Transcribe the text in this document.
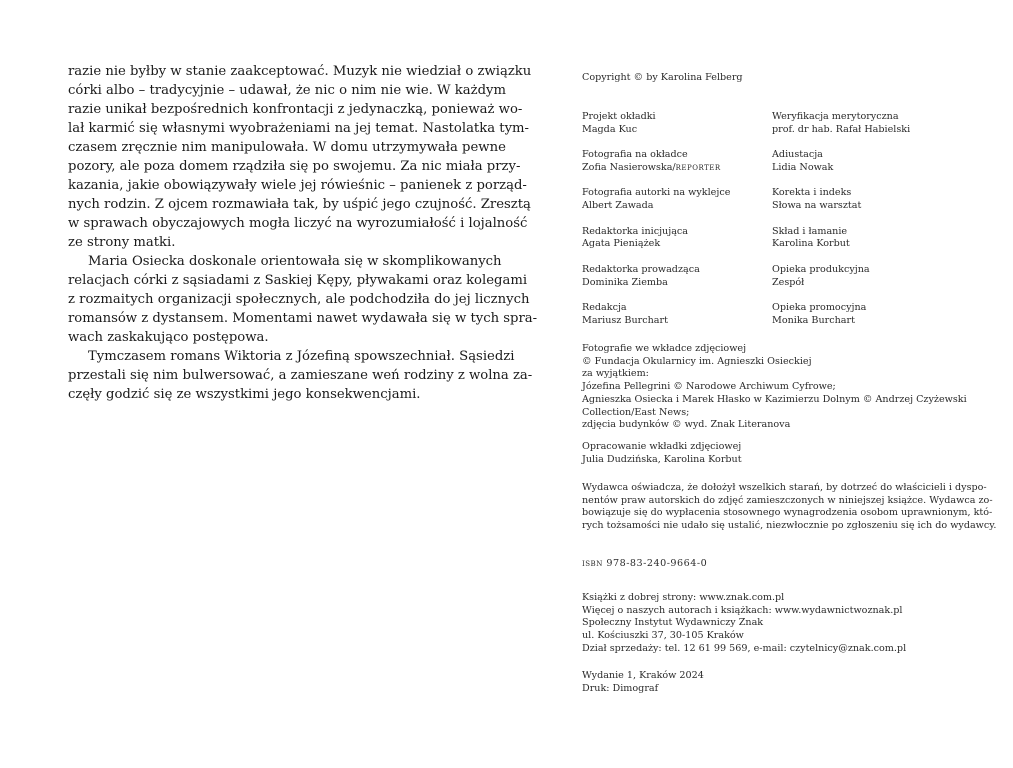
razie nie byłby w stanie zaakceptować. Muzyk nie wiedział o związku
córki albo – tradycyjnie – udawał, że nic o nim nie wie. W każdym
razie unikał bezpośrednich konfrontacji z jedynaczką, ponieważ wo-
lał karmić się własnymi wyobrażeniami na jej temat. Nastolatka tym-
czasem zręcznie nim manipulowała. W domu utrzymywała pewne
pozory, ale poza domem rządziła się po swojemu. Za nic miała przy-
kazania, jakie obowiązywały wiele jej rówieśnic – panienek z porząd-
nych rodzin. Z ojcem rozmawiała tak, by uśpić jego czujność. Zresztą
w sprawach obyczajowych mogła liczyć na wyrozumiałość i lojalność
ze strony matki.
Maria Osiecka doskonale orientowała się w skomplikowanych
relacjach córki z sąsiadami z Saskiej Kępy, pływakami oraz kolegami
z rozmaitych organizacji społecznych, ale podchodziła do jej licznych
romansów z dystansem. Momentami nawet wydawała się w tych spra-
wach zaskakująco postępowa.
Tymczasem romans Wiktoria z Józefiną spowszechniał. Sąsiedzi
przestali się nim bulwersować, a zamieszane weń rodziny z wolna za-
częły godzić się ze wszystkimi jego konsekwencjami.
Copyright © by Karolina Felberg
Projekt okładki
Magda Kuc
Fotografia na okładce
Zofia Nasierowska/reporter
Fotografia autorki na wyklejce
Albert Zawada
Redaktorka inicjująca
Agata Pieniążek
Redaktorka prowadząca
Dominika Ziemba
Redakcja
Mariusz Burchart
Weryfikacja merytoryczna
prof. dr hab. Rafał Habielski
Adiustacja
Lidia Nowak
Korekta i indeks
Słowa na warsztat
Skład i łamanie
Karolina Korbut
Opieka produkcyjna
Zespół
Opieka promocyjna
Monika Burchart
Fotografie we wkładce zdjęciowej
© Fundacja Okularnicy im. Agnieszki Osieckiej
za wyjątkiem:
Józefina Pellegrini © Narodowe Archiwum Cyfrowe;
Agnieszka Osiecka i Marek Hłasko w Kazimierzu Dolnym © Andrzej Czyżewski
Collection/East News;
zdjęcia budynków © wyd. Znak Literanova
Opracowanie wkładki zdjęciowej
Julia Dudzińska, Karolina Korbut
Wydawca oświadcza, że dołożył wszelkich starań, by dotrzeć do właścicieli i dyspo-
nentów praw autorskich do zdjęć zamieszczonych w niniejszej książce. Wydawca zo-
bowiązuje się do wypłacenia stosownego wynagrodzenia osobom uprawnionym, któ-
rych tożsamości nie udało się ustalić, niezwłocznie po zgłoszeniu się ich do wydawcy.
isbn 978-83-240-9664-0
Książki z dobrej strony: www.znak.com.pl
Więcej o naszych autorach i książkach: www.wydawnictwoznak.pl
Społeczny Instytut Wydawniczy Znak
ul. Kościuszki 37, 30-105 Kraków
Dział sprzedaży: tel. 12 61 99 569, e-mail: czytelnicy@znak.com.pl
Wydanie 1, Kraków 2024
Druk: Dimograf
